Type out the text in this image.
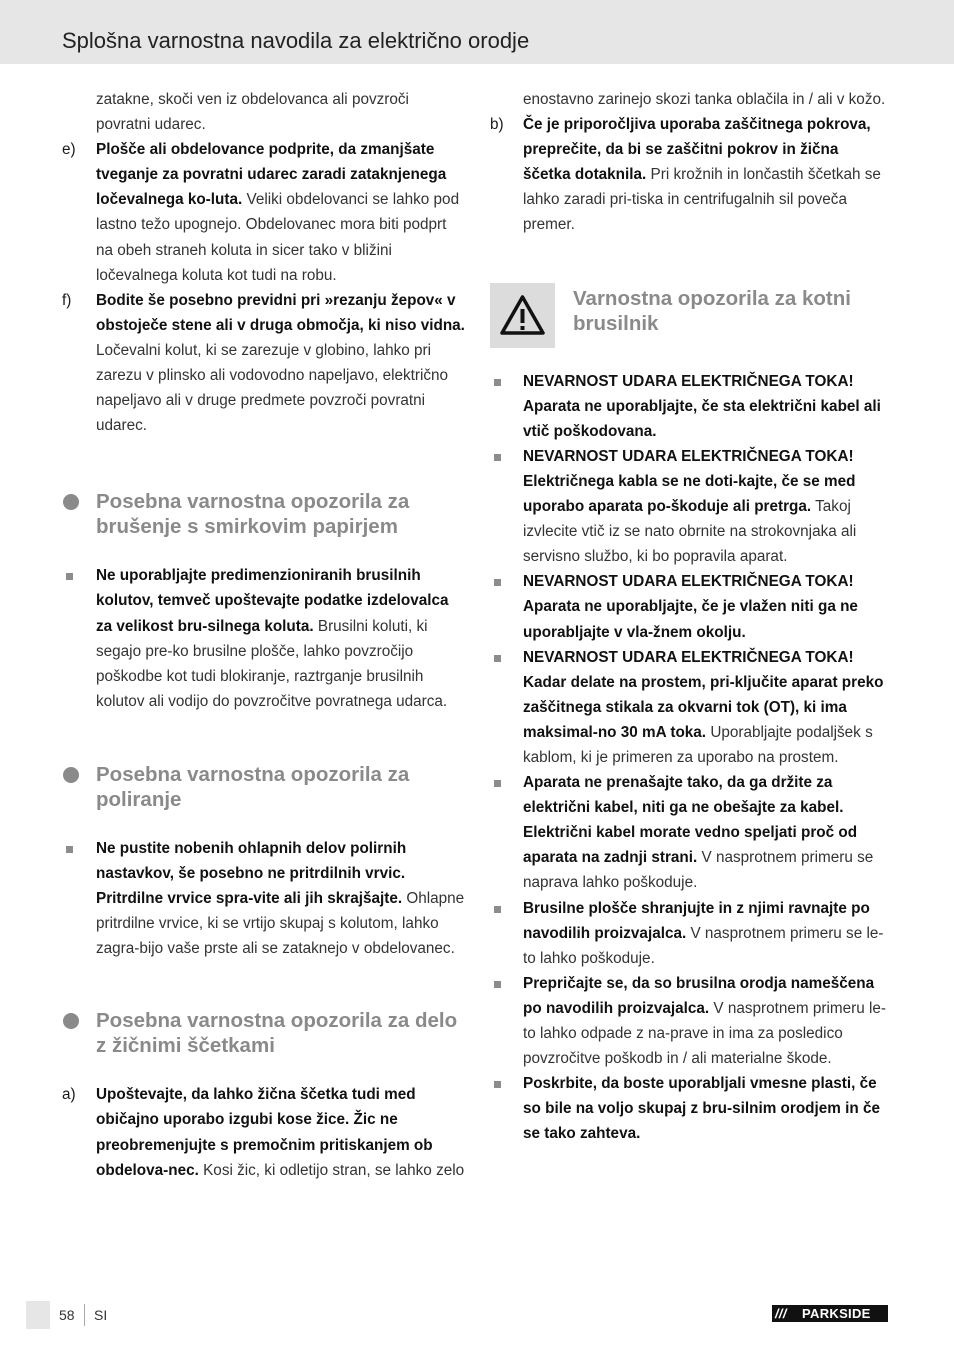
Splošna varnostna navodila za električno orodje
zatakne, skoči ven iz obdelovanca ali povzroči povratni udarec.
e) Plošče ali obdelovance podprite, da zmanjšate tveganje za povratni udarec zaradi zataknjenega ločevalnega ko-luta. Veliki obdelovanci se lahko pod lastno težo upognejo. Obdelovanec mora biti podprt na obeh straneh koluta in sicer tako v bližini ločevalnega koluta kot tudi na robu.
f) Bodite še posebno previdni pri »rezanju žepov« v obstoječe stene ali v druga območja, ki niso vidna. Ločevalni kolut, ki se zarezuje v globino, lahko pri zarezu v plinsko ali vodovodno napeljavo, električno napeljavo ali v druge predmete povzroči povratni udarec.
Posebna varnostna opozorila za brušenje s smirkovim papirjem
Ne uporabljajte predimenzioniranih brusilnih kolutov, temveč upoštevajte podatke izdelovalca za velikost bru-silnega koluta. Brusilni koluti, ki segajo pre-ko brusilne plošče, lahko povzročijo poškodbe kot tudi blokiranje, raztrganje brusilnih kolutov ali vodijo do povzročitve povratnega udarca.
Posebna varnostna opozorila za poliranje
Ne pustite nobenih ohlapnih delov polirnih nastavkov, še posebno ne pritrdilnih vrvic. Pritrdilne vrvice spra-vite ali jih skrajšajte. Ohlapne pritrdilne vrvice, ki se vrtijo skupaj s kolutom, lahko zagra-bijo vaše prste ali se zataknejo v obdelovanec.
Posebna varnostna opozorila za delo z žičnimi ščetkami
a) Upoštevajte, da lahko žična ščetka tudi med običajno uporabo izgubi kose žice. Žic ne preobremenjujte s premočnim pritiskanjem ob obdelova-nec. Kosi žic, ki odletijo stran, se lahko zelo
enostavno zarinejo skozi tanka oblačila in / ali v kožo.
b) Če je priporočljiva uporaba zaščitnega pokrova, preprečite, da bi se zaščitni pokrov in žična ščetka dotaknila. Pri krožnih in lončastih ščetkah se lahko zaradi pri-tiska in centrifugalnih sil poveča premer.
Varnostna opozorila za kotni brusilnik
NEVARNOST UDARA ELEKTRIČNEGA TOKA! Aparata ne uporabljajte, če sta električni kabel ali vtič poškodovana.
NEVARNOST UDARA ELEKTRIČNEGA TOKA! Električnega kabla se ne doti-kajte, če se med uporabo aparata po-škoduje ali pretrga. Takoj izvlecite vtič iz se nato obrnite na strokovnjaka ali servisno službo, ki bo popravila aparat.
NEVARNOST UDARA ELEKTRIČNEGA TOKA! Aparata ne uporabljajte, če je vlažen niti ga ne uporabljajte v vla-žnem okolju.
NEVARNOST UDARA ELEKTRIČNEGA TOKA! Kadar delate na prostem, pri-ključite aparat preko zaščitnega stikala za okvarni tok (OT), ki ima maksimal-no 30 mA toka. Uporabljajte podaljšek s kablom, ki je primeren za uporabo na prostem.
Aparata ne prenašajte tako, da ga držite za električni kabel, niti ga ne obešajte za kabel. Električni kabel morate vedno speljati proč od aparata na zadnji strani. V nasprotnem primeru se naprava lahko poškoduje.
Brusilne plošče shranjujte in z njimi ravnajte po navodilih proizvajalca. V nasprotnem primeru se le-to lahko poškoduje.
Prepričajte se, da so brusilna orodja nameščena po navodilih proizvajalca. V nasprotnem primeru le-to lahko odpade z na-prave in ima za posledico povzročitve poškodb in / ali materialne škode.
Poskrbite, da boste uporabljali vmesne plasti, če so bile na voljo skupaj z bru-silnim orodjem in če se tako zahteva.
58 SI	/// PARKSIDE
